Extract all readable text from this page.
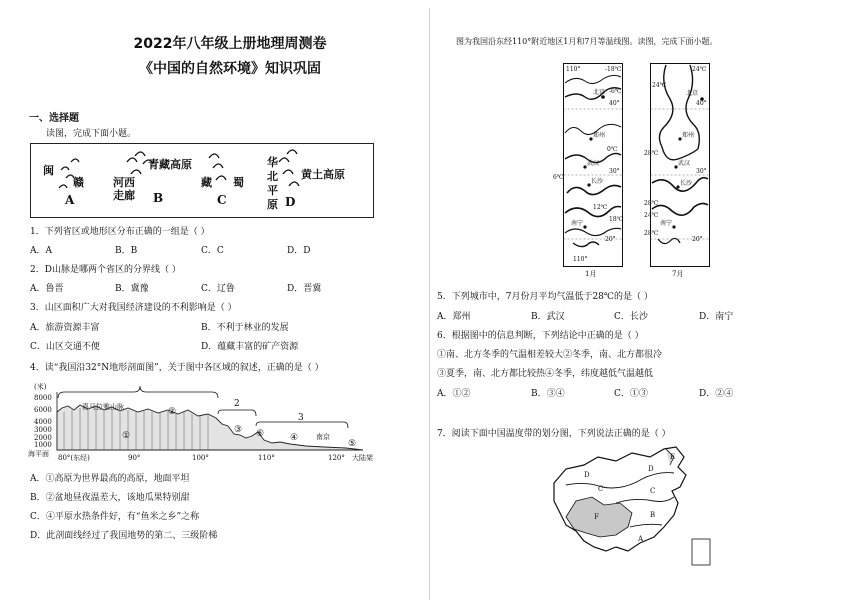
2022年八年级上册地理周测卷
《中国的自然环境》知识巩固
一、选择题
读图，完成下面小题。
闽
赣
A
河西
走廊
青藏高原
B
藏 蜀
C
华
北
平
原 D
黄土高原
1．下列省区或地形区分布正确的一组是（ ）
A．A	B．B	C．C	D．D
2．D山脉是哪两个省区的分界线（ ）
A．鲁晋	B．冀豫	C．辽鲁	D．晋冀
3．山区面积广大对我国经济建设的不利影响是（ ）
A．旅游资源丰富	B．不利于林业的发展
C．山区交通不便	D．蕴藏丰富的矿产资源
4．读“我国沿32°N地形剖面图”，关于图中各区域的叙述，正确的是（ ）
(米)
8000
6000
4000
3000
2000
1000
海平面
2
3
喜马拉雅山脉
①
②
③ ⑥	④	南京
⑤
80°(东经)	90°	100°	110°	120° 大陆架
A．①高原为世界最高的高原，地面平坦
B．②盆地昼夜温差大，该地瓜果特别甜
C．④平原水热条件好，有“鱼米之乡”之称
D．此剖面线经过了我国地势的第二、三级阶梯
图为我国沿东经110°附近地区1月和7月等温线图。读图，完成下面小题。
110°	-18℃
-6℃
北京
40°
郑州
0℃
武汉
30°
6℃
长沙
12℃
18℃
南宁
20°
110°
1月
24℃
24℃
北京
40°
郑州
28℃
武汉
30°
长沙
28℃
24℃
南宁
20°
28℃
7月
5．下列城市中，7月份月平均气温低于28℃的是（ ）
A．郑州	B．武汉	C．长沙	D．南宁
6．根据图中的信息判断，下列结论中正确的是（ ）
①南、北方冬季的气温相差较大②冬季，南、北方都很冷
③夏季，南、北方都比较热④冬季，纬度越低气温越低
A．①②	B．③④	C．①③	D．②④
7．阅读下面中国温度带的划分图，下列说法正确的是（ ）
D
E
D
C	C
F	B
A
